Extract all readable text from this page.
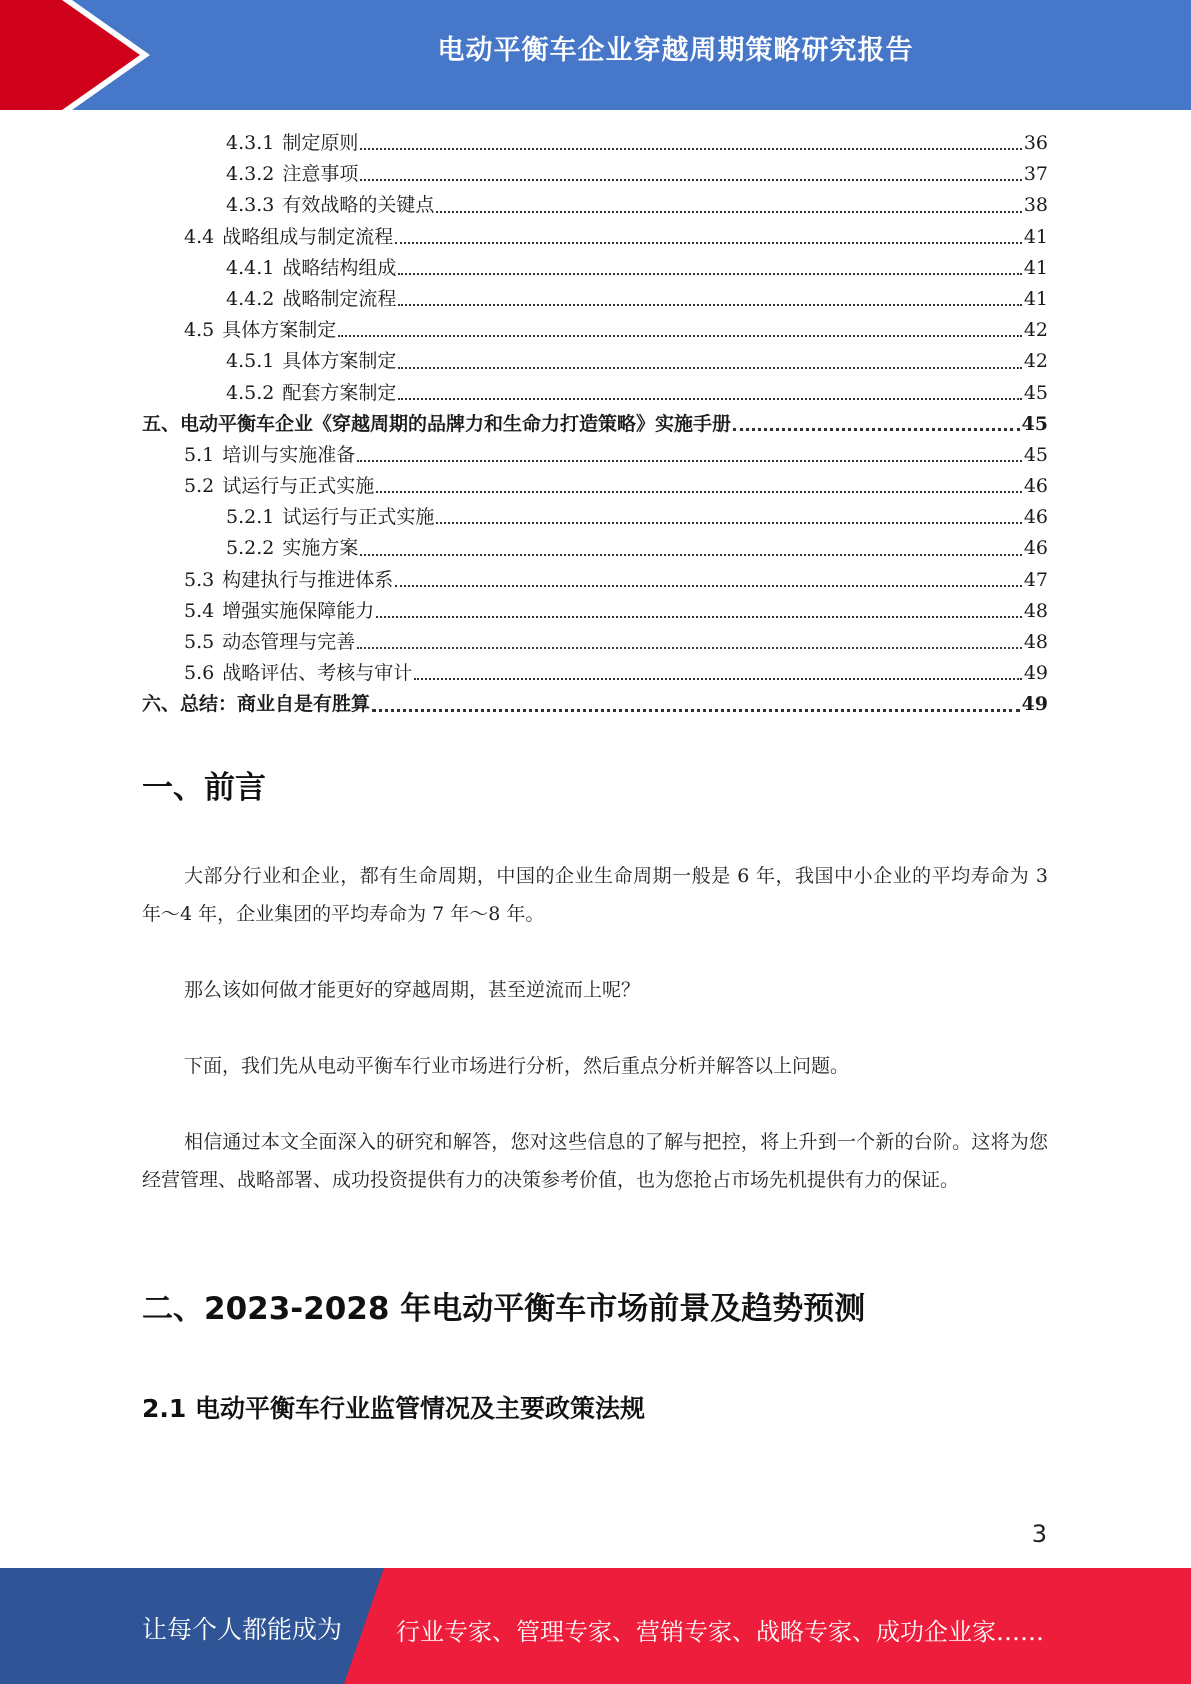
电动平衡车企业穿越周期策略研究报告
4.3.1 制定原则	36
4.3.2 注意事项	37
4.3.3 有效战略的关键点	38
4.4 战略组成与制定流程	41
4.4.1 战略结构组成	41
4.4.2 战略制定流程	41
4.5 具体方案制定	42
4.5.1 具体方案制定	42
4.5.2 配套方案制定	45
五、电动平衡车企业《穿越周期的品牌力和生命力打造策略》实施手册	45
5.1 培训与实施准备	45
5.2 试运行与正式实施	46
5.2.1 试运行与正式实施	46
5.2.2 实施方案	46
5.3 构建执行与推进体系	47
5.4 增强实施保障能力	48
5.5 动态管理与完善	48
5.6 战略评估、考核与审计	49
六、总结：商业自是有胜算	49
一、前言
大部分行业和企业，都有生命周期，中国的企业生命周期一般是 6 年，我国中小企业的平均寿命为 3 年～4 年，企业集团的平均寿命为 7 年～8 年。
那么该如何做才能更好的穿越周期，甚至逆流而上呢？
下面，我们先从电动平衡车行业市场进行分析，然后重点分析并解答以上问题。
相信通过本文全面深入的研究和解答，您对这些信息的了解与把控，将上升到一个新的台阶。这将为您经营管理、战略部署、成功投资提供有力的决策参考价值，也为您抢占市场先机提供有力的保证。
二、2023-2028 年电动平衡车市场前景及趋势预测
2.1 电动平衡车行业监管情况及主要政策法规
3
让每个人都能成为 行业专家、管理专家、营销专家、战略专家、成功企业家……
